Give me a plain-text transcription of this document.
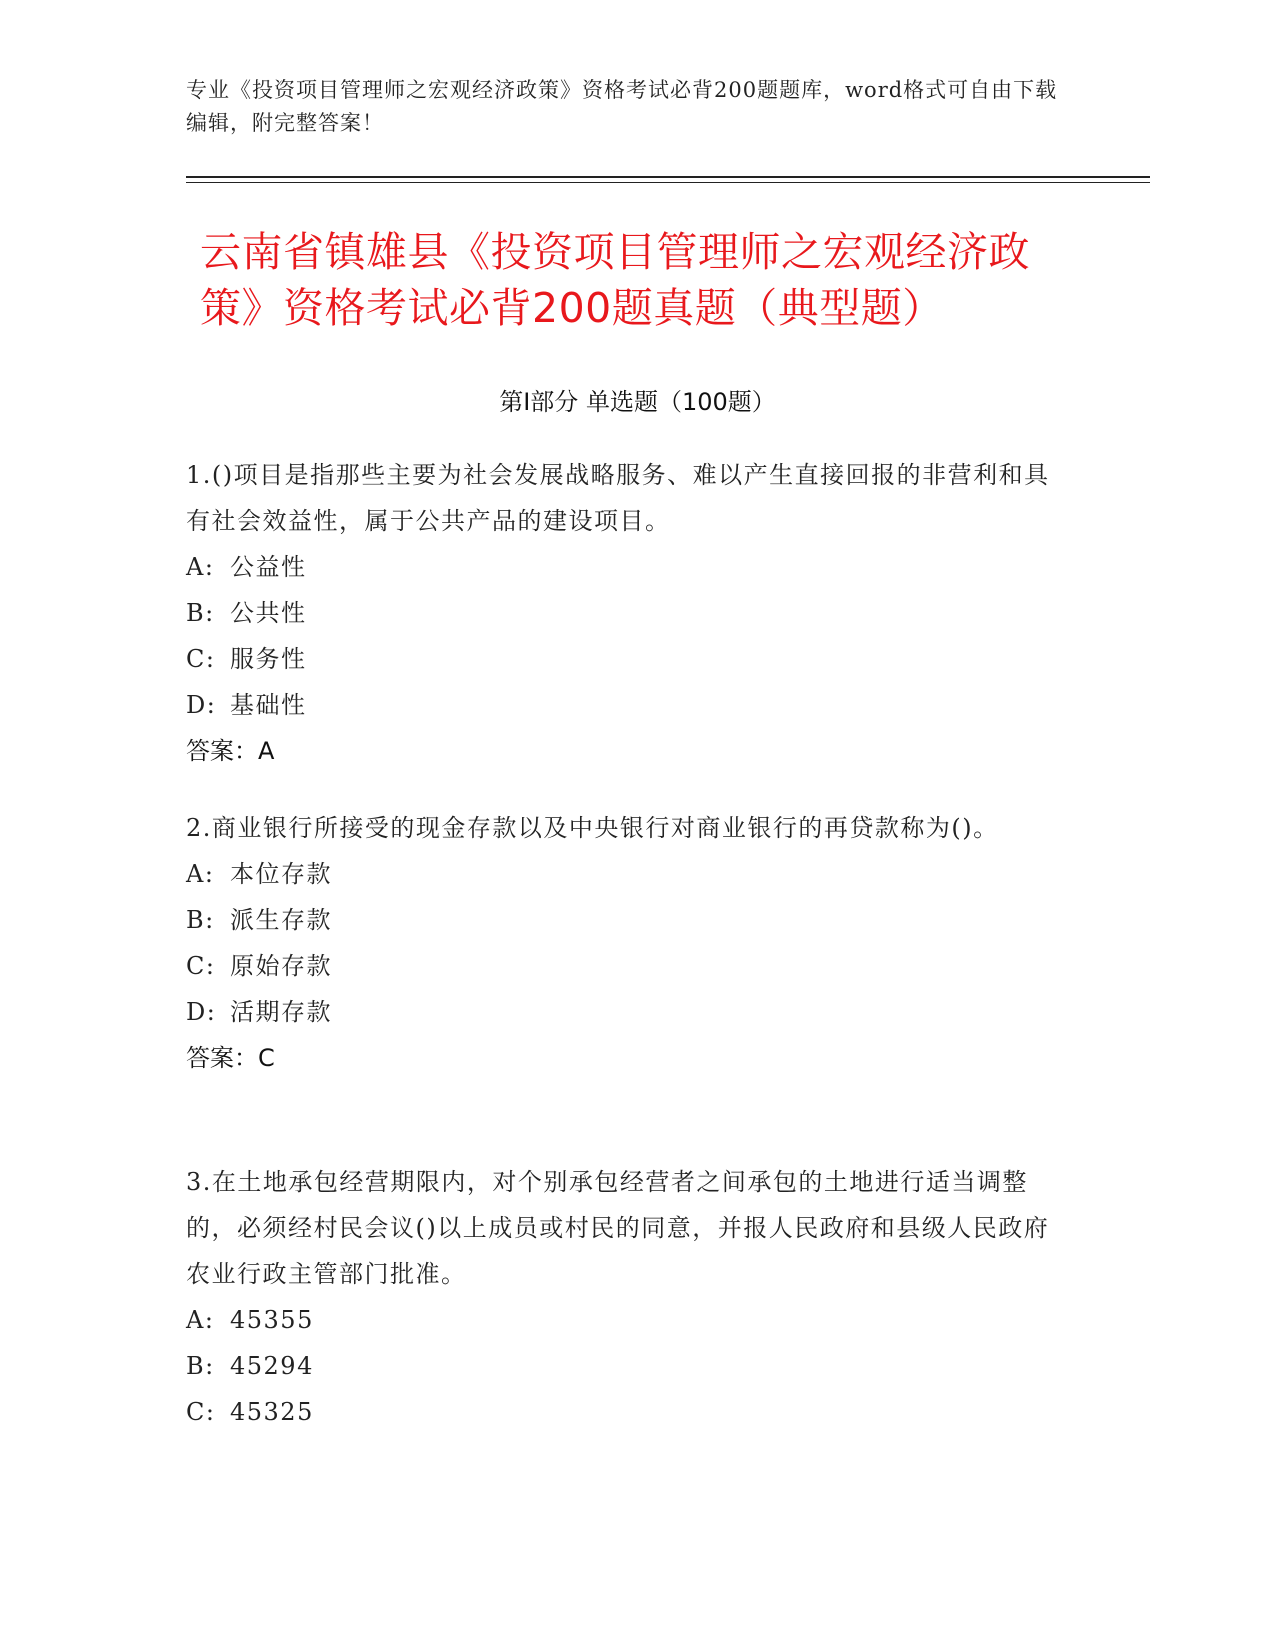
专业《投资项目管理师之宏观经济政策》资格考试必背200题题库，word格式可自由下载编辑，附完整答案！
云南省镇雄县《投资项目管理师之宏观经济政策》资格考试必背200题真题（典型题）
第I部分 单选题（100题）
1.()项目是指那些主要为社会发展战略服务、难以产生直接回报的非营利和具有社会效益性，属于公共产品的建设项目。
A: 公益性
B: 公共性
C: 服务性
D: 基础性
答案：A
2.商业银行所接受的现金存款以及中央银行对商业银行的再贷款称为()。
A: 本位存款
B: 派生存款
C: 原始存款
D: 活期存款
答案：C
3.在土地承包经营期限内，对个别承包经营者之间承包的土地进行适当调整的，必须经村民会议()以上成员或村民的同意，并报人民政府和县级人民政府农业行政主管部门批准。
A: 45355
B: 45294
C: 45325
